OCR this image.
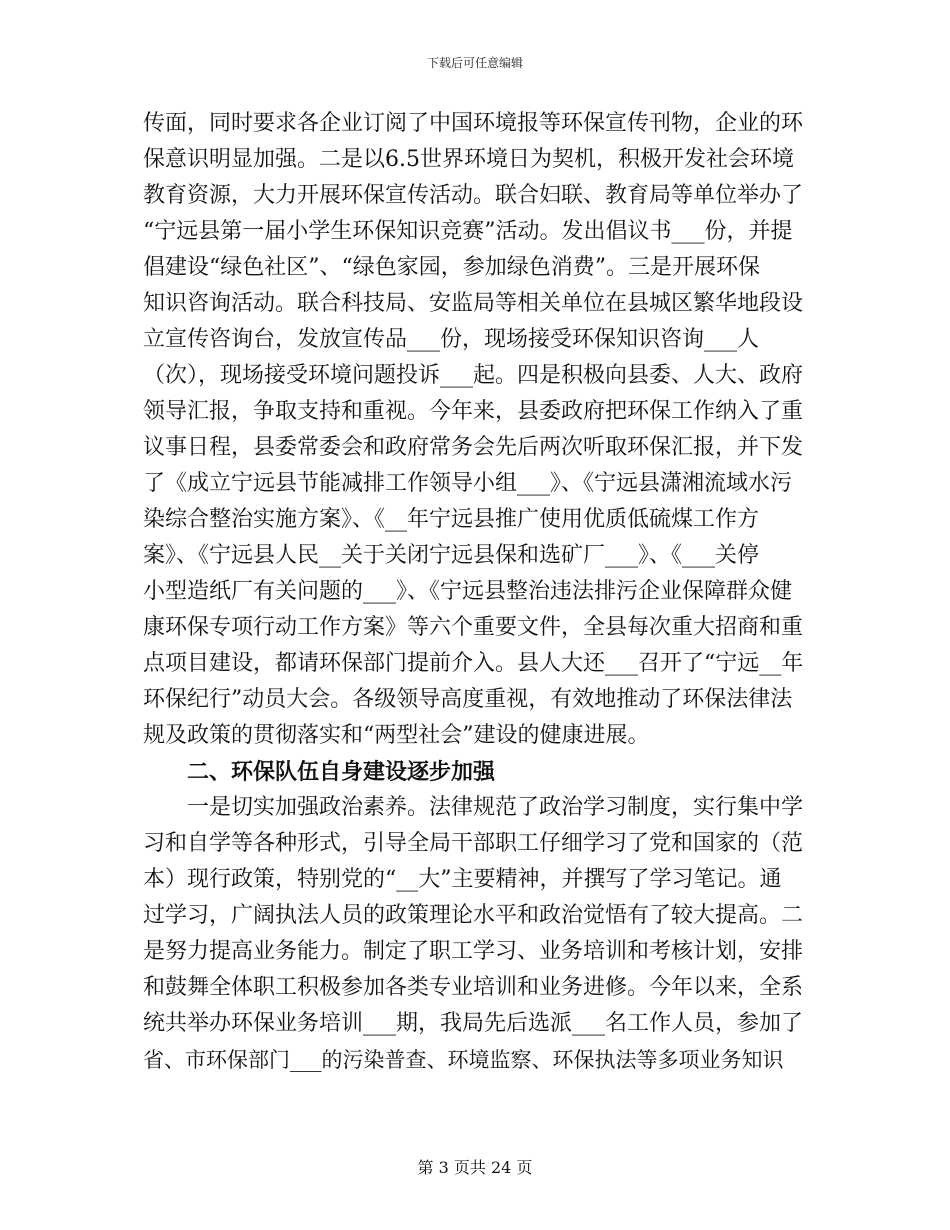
下载后可任意编辑
传面，同时要求各企业订阅了中国环境报等环保宣传刊物，企业的环
保意识明显加强。二是以6.5世界环境日为契机，积极开发社会环境
教育资源，大力开展环保宣传活动。联合妇联、教育局等单位举办了
“宁远县第一届小学生环保知识竞赛”活动。发出倡议书___份，并提
倡建设“绿色社区”、“绿色家园，参加绿色消费”。三是开展环保
知识咨询活动。联合科技局、安监局等相关单位在县城区繁华地段设
立宣传咨询台，发放宣传品___份，现场接受环保知识咨询___人
（次），现场接受环境问题投诉___起。四是积极向县委、人大、政府
领导汇报，争取支持和重视。今年来，县委政府把环保工作纳入了重
议事日程，县委常委会和政府常务会先后两次听取环保汇报，并下发
了《成立宁远县节能减排工作领导小组___》、《宁远县潇湘流域水污
染综合整治实施方案》、《__年宁远县推广使用优质低硫煤工作方
案》、《宁远县人民__关于关闭宁远县保和选矿厂___》、《___关停
小型造纸厂有关问题的___》、《宁远县整治违法排污企业保障群众健
康环保专项行动工作方案》等六个重要文件，全县每次重大招商和重
点项目建设，都请环保部门提前介入。县人大还___召开了“宁远__年
环保纪行”动员大会。各级领导高度重视，有效地推动了环保法律法
规及政策的贯彻落实和“两型社会”建设的健康进展。
二、环保队伍自身建设逐步加强
一是切实加强政治素养。法律规范了政治学习制度，实行集中学
习和自学等各种形式，引导全局干部职工仔细学习了党和国家的（范
本）现行政策，特别党的“__大”主要精神，并撰写了学习笔记。通
过学习，广阔执法人员的政策理论水平和政治觉悟有了较大提高。二
是努力提高业务能力。制定了职工学习、业务培训和考核计划，安排
和鼓舞全体职工积极参加各类专业培训和业务进修。今年以来，全系
统共举办环保业务培训___期，我局先后选派___名工作人员，参加了
省、市环保部门___的污染普查、环境监察、环保执法等多项业务知识
第 3 页共 24 页
